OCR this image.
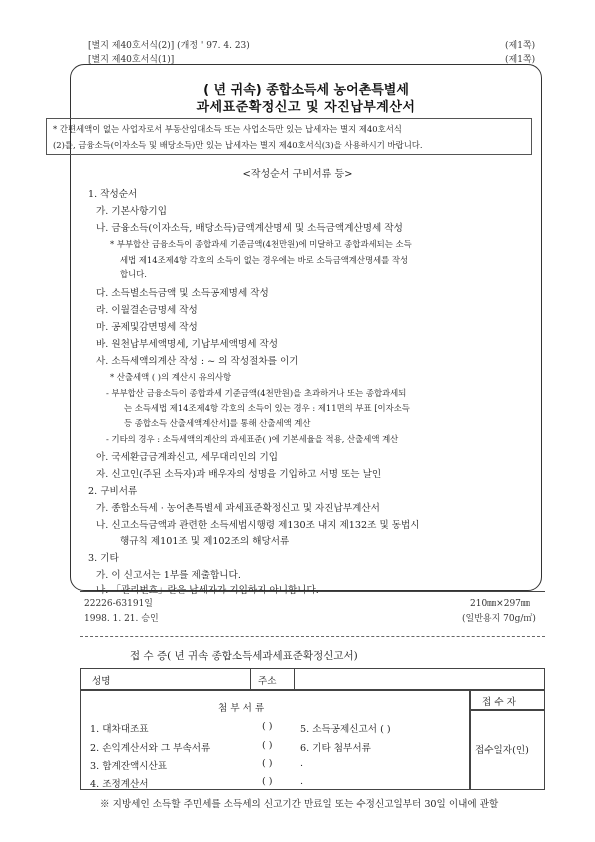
[별지 제40호서식(2)] (개정 ' 97. 4. 23)
[별지 제40호서식(1)]
(제1쪽)
(제1쪽)
( 년 귀속) 종합소득세 농어촌특별세
과세표준확정신고 및 자진납부계산서
* 간편세액이 없는 사업자로서 부동산임대소득 또는 사업소득만 있는 납세자는 별지 제40호서식
(2)를, 금융소득(이자소득 및 배당소득)만 있는 납세자는 별지 제40호서식(3)을 사용하시기 바랍니다.
<작성순서 구비서류 등>
1. 작성순서
가. 기본사항기입
나. 금융소득(이자소득, 배당소득)금액계산명세 및 소득금액계산명세 작성
* 부부합산 금융소득이 종합과세 기준금액(4천만원)에 미달하고 종합과세되는 소득
세법 제14조제4항 각호의 소득이 없는 경우에는 바로 소득금액계산명세를 작성
합니다.
다. 소득별소득금액 및 소득공제명세 작성
라. 이월결손금명세 작성
마. 공제및감면명세 작성
바. 원천납부세액명세, 기납부세액명세 작성
사. 소득세액의계산 작성 : ~ 의 작성절차를 이기
* 산출세액 ( )의 계산시 유의사항
- 부부합산 금융소득이 종합과세 기준금액(4천만원)을 초과하거나 또는 종합과세되
는 소득세법 제14조제4항 각호의 소득이 있는 경우 : 제11면의 부표 [이자소득
등 종합소득 산출세액계산서]를 통해 산출세액 계산
- 기타의 경우 : 소득세액의계산의 과세표준( )에 기본세율을 적용, 산출세액 계산
아. 국세환급금계좌신고, 세무대리인의 기입
자. 신고인(주된 소득자)과 배우자의 성명을 기입하고 서명 또는 날인
2. 구비서류
가. 종합소득세 · 농어촌특별세 과세표준확정신고 및 자진납부계산서
나. 신고소득금액과 관련한 소득세법시행령 제130조 내지 제132조 및 동법시
행규칙 제101조 및 제102조의 해당서류
3. 기타
가. 이 신고서는 1부를 제출합니다.
나. 「관리번호」란은 납세자가 기입하지 아니합니다.
22226-63191일
1998. 1. 21. 승인
210㎜×297㎜
(일반용지 70g/㎡)
접 수 증( 년 귀속 종합소득세과세표준확정신고서)
성명	주소
접 수 자
접수일자(인)
첨 부 서 류
1. 대차대조표
2. 손익계산서와 그 부속서류
3. 합계잔액시산표
4. 조정계산서
( )
( )
( )
( )
5. 소득공제신고서 ( )
6. 기타 첨부서류
.
.
※ 지방세인 소득할 주민세를 소득세의 신고기간 만료일 또는 수정신고일부터 30일 이내에 관할
